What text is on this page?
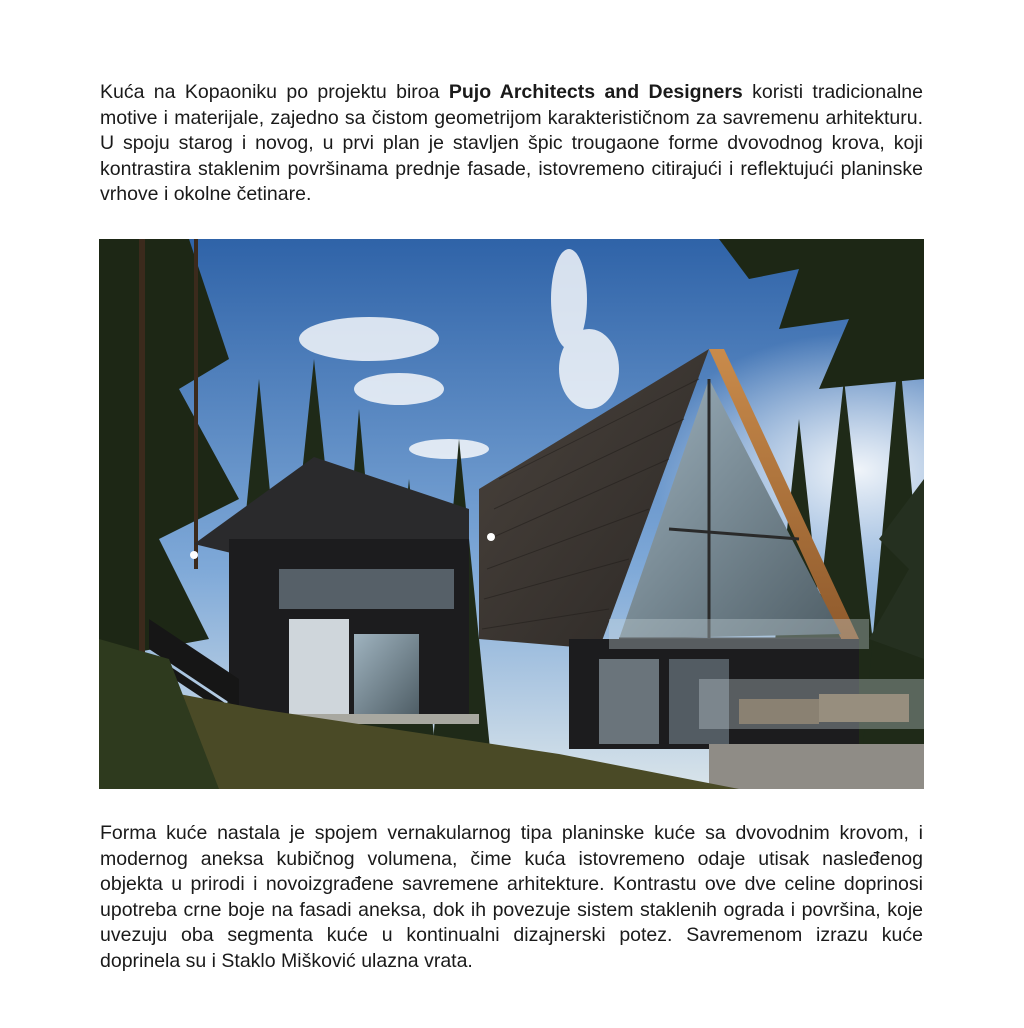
Kuća na Kopaoniku po projektu biroa Pujo Architects and Designers koristi tradicionalne motive i materijale, zajedno sa čistom geometrijom karakterističnom za savremenu arhitekturu. U spoju starog i novog, u prvi plan je stavljen špic trougaone forme dvovodnog krova, koji kontrastira staklenim površinama prednje fasade, istovremeno citirajući i reflektujući planinske vrhove i okolne četinare.

Forma kuće nastala je spojem vernakularnog tipa planinske kuće sa dvovodnim krovom, i modernog aneksa kubičnog volumena, čime kuća istovremeno odaje utisak nasleđenog objekta u prirodi i novoizgrađene savremene arhitekture. Kontrastu ove dve celine doprinosi upotreba crne boje na fasadi aneksa, dok ih povezuje sistem staklenih ograda i površina, koje uvezuju oba segmenta kuće u kontinualni dizajnerski potez. Savremenom izrazu kuće doprinela su i Staklo Mišković ulazna vrata.
